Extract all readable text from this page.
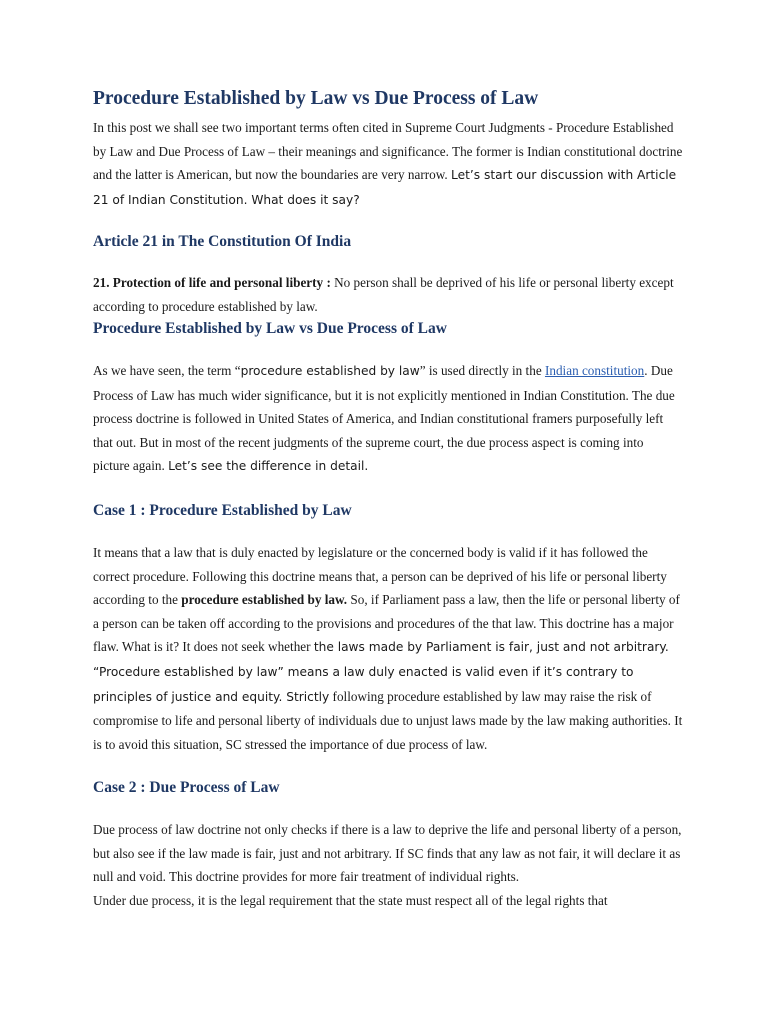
Procedure Established by Law vs Due Process of Law

In this post we shall see two important terms often cited in Supreme Court Judgments - Procedure Established by Law and Due Process of Law – their meanings and significance. The former is Indian constitutional doctrine and the latter is American, but now the boundaries are very narrow. Let’s start our discussion with Article 21 of Indian Constitution. What does it say?

Article 21 in The Constitution Of India

21. Protection of life and personal liberty : No person shall be deprived of his life or personal liberty except according to procedure established by law.

Procedure Established by Law vs Due Process of Law

As we have seen, the term “procedure established by law” is used directly in the Indian constitution. Due Process of Law has much wider significance, but it is not explicitly mentioned in Indian Constitution. The due process doctrine is followed in United States of America, and Indian constitutional framers purposefully left that out. But in most of the recent judgments of the supreme court, the due process aspect is coming into picture again. Let’s see the difference in detail.

Case 1 : Procedure Established by Law

It means that a law that is duly enacted by legislature or the concerned body is valid if it has followed the correct procedure. Following this doctrine means that, a person can be deprived of his life or personal liberty according to the procedure established by law. So, if Parliament pass a law, then the life or personal liberty of a person can be taken off according to the provisions and procedures of the that law. This doctrine has a major flaw. What is it? It does not seek whether the laws made by Parliament is fair, just and not arbitrary. “Procedure established by law” means a law duly enacted is valid even if it’s contrary to principles of justice and equity. Strictly following procedure established by law may raise the risk of compromise to life and personal liberty of individuals due to unjust laws made by the law making authorities. It is to avoid this situation, SC stressed the importance of due process of law.

Case 2 : Due Process of Law

Due process of law doctrine not only checks if there is a law to deprive the life and personal liberty of a person, but also see if the law made is fair, just and not arbitrary. If SC finds that any law as not fair, it will declare it as null and void. This doctrine provides for more fair treatment of individual rights.
Under due process, it is the legal requirement that the state must respect all of the legal rights that
